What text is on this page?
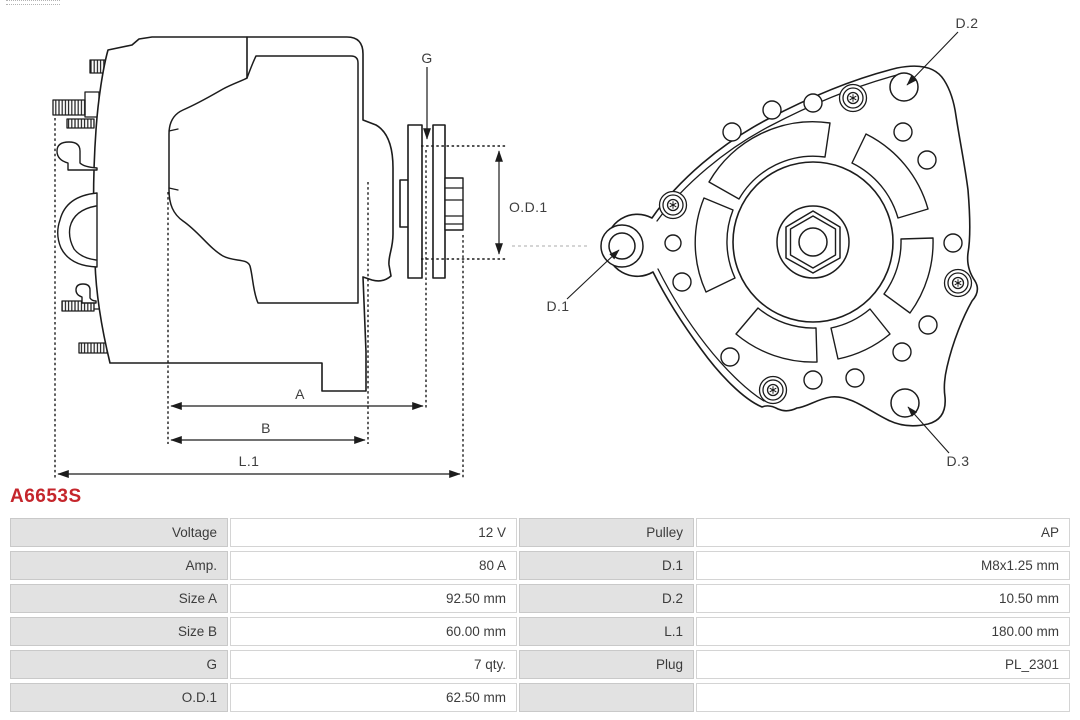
G
O.D.1
A
B
L.1
D.2
D.1
D.3
A6653S
Voltage	12 V	Pulley	AP
Amp.	80 A	D.1	M8x1.25 mm
Size A	92.50 mm	D.2	10.50 mm
Size B	60.00 mm	L.1	180.00 mm
G	7 qty.	Plug	PL_2301
O.D.1	62.50 mm
